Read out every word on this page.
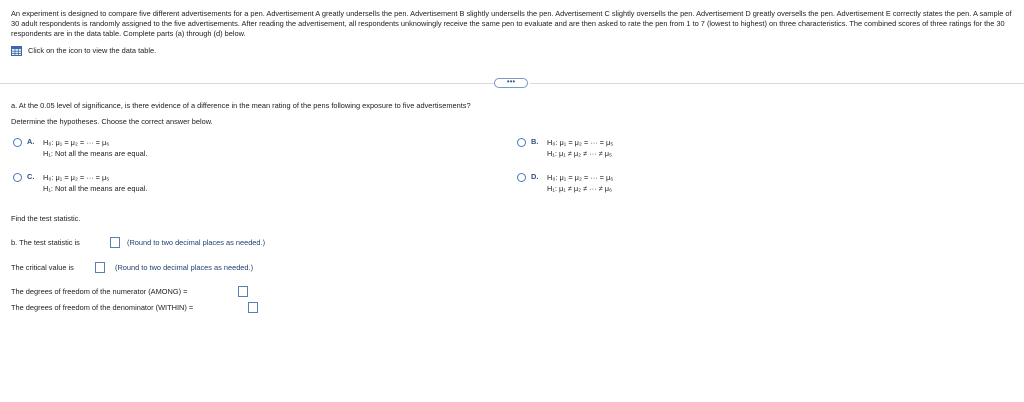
An experiment is designed to compare five different advertisements for a pen. Advertisement A greatly undersells the pen. Advertisement B slightly undersells the pen. Advertisement C slightly oversells the pen. Advertisement D greatly oversells the pen. Advertisement E correctly states the pen. A sample of 30 adult respondents is randomly assigned to the five advertisements. After reading the advertisement, all respondents unknowingly receive the same pen to evaluate and are then asked to rate the pen from 1 to 7 (lowest to highest) on three characteristics. The combined scores of three ratings for the 30 respondents are in the data table. Complete parts (a) through (d) below.
Click on the icon to view the data table.
•••
a. At the 0.05 level of significance, is there evidence of a difference in the mean rating of the pens following exposure to five advertisements?
Determine the hypotheses. Choose the correct answer below.
A. H₀: μ₁ = μ₂ = ··· = μ₆
H₁: Not all the means are equal.
B. H₀: μ₁ = μ₂ = ··· = μ₅
H₁: μ₁ ≠ μ₂ ≠ ··· ≠ μ₅
C. H₀: μ₁ = μ₂ = ··· = μ₅
H₁: Not all the means are equal.
D. H₀: μ₁ = μ₂ = ··· = μ₆
H₁: μ₁ ≠ μ₂ ≠ ··· ≠ μ₆
Find the test statistic.
b. The test statistic is	(Round to two decimal places as needed.)
The critical value is	(Round to two decimal places as needed.)
The degrees of freedom of the numerator (AMONG) =
The degrees of freedom of the denominator (WITHIN) =
